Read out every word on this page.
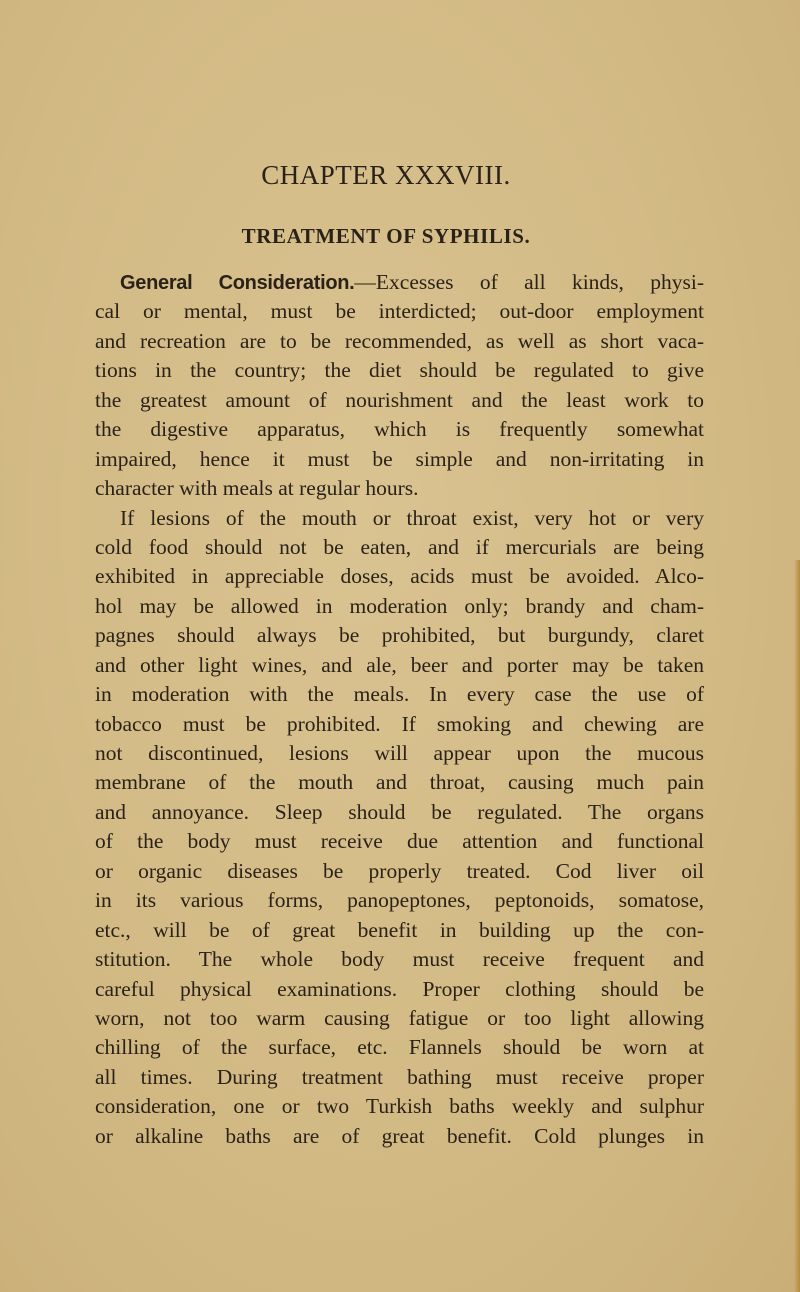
CHAPTER XXXVIII.
TREATMENT OF SYPHILIS.
General Consideration.—Excesses of all kinds, physi-
cal or mental, must be interdicted; out-door employment
and recreation are to be recommended, as well as short vaca-
tions in the country; the diet should be regulated to give
the greatest amount of nourishment and the least work to
the digestive apparatus, which is frequently somewhat
impaired, hence it must be simple and non-irritating in
character with meals at regular hours.
If lesions of the mouth or throat exist, very hot or very
cold food should not be eaten, and if mercurials are being
exhibited in appreciable doses, acids must be avoided. Alco-
hol may be allowed in moderation only; brandy and cham-
pagnes should always be prohibited, but burgundy, claret
and other light wines, and ale, beer and porter may be taken
in moderation with the meals. In every case the use of
tobacco must be prohibited. If smoking and chewing are
not discontinued, lesions will appear upon the mucous
membrane of the mouth and throat, causing much pain
and annoyance. Sleep should be regulated. The organs
of the body must receive due attention and functional
or organic diseases be properly treated. Cod liver oil
in its various forms, panopeptones, peptonoids, somatose,
etc., will be of great benefit in building up the con-
stitution. The whole body must receive frequent and
careful physical examinations. Proper clothing should be
worn, not too warm causing fatigue or too light allowing
chilling of the surface, etc. Flannels should be worn at
all times. During treatment bathing must receive proper
consideration, one or two Turkish baths weekly and sulphur
or alkaline baths are of great benefit. Cold plunges in
